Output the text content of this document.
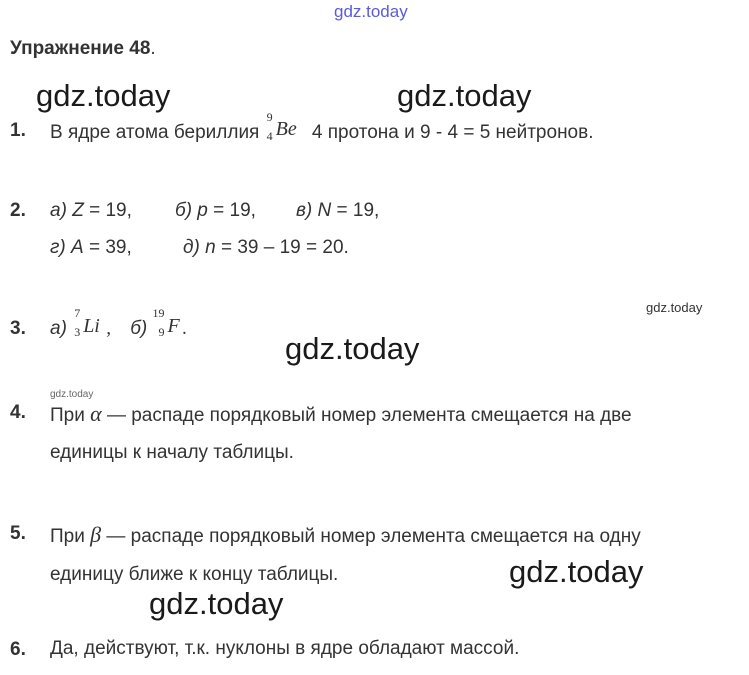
gdz.today
gdz.today	gdz.today
gdz.today
gdz.today
gdz.today
gdz.today
gdz.today
Упражнение 48.
1. В ядре атома бериллия
9
4 Be 4 протона и 9 - 4 = 5 нейтронов.
2. а) Z = 19, б) p = 19, в) N = 19,
г) A = 39,	д) n = 39 – 19 = 20.
3. а)
7
3 Li , б)
19
9 F .
4. При α — распаде порядковый номер элемента смещается на две
единицы к началу таблицы.
5. При β — распаде порядковый номер элемента смещается на одну
единицу ближе к концу таблицы.
6. Да, действуют, т.к. нуклоны в ядре обладают массой.
